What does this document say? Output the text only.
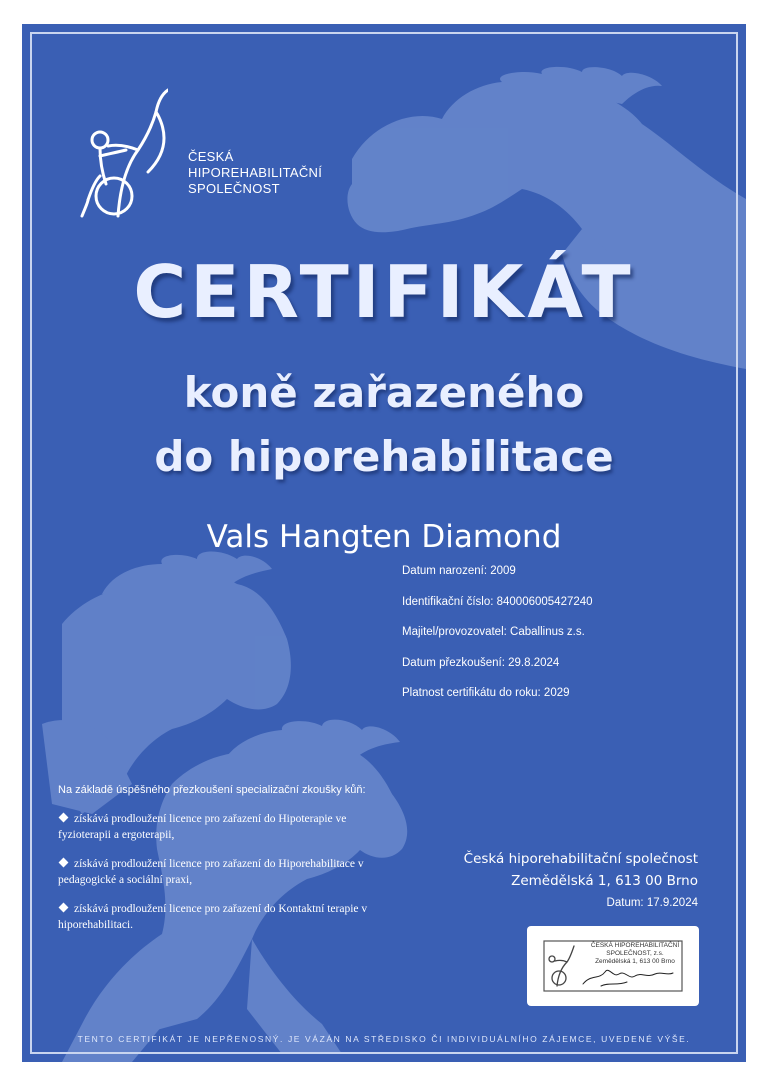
ČESKÁ
HIPOREHABILITAČNÍ
SPOLEČNOST
CERTIFIKÁT
koně zařazeného
do hiporehabilitace
Vals Hangten Diamond
Datum narození: 2009
Identifikační číslo: 840006005427240
Majitel/provozovatel: Caballinus z.s.
Datum přezkoušení: 29.8.2024
Platnost certifikátu do roku: 2029
Na základě úspěšného přezkoušení specializační zkoušky kůň:
získává prodloužení licence pro zařazení do Hipoterapie ve fyzioterapii a ergoterapii,
získává prodloužení licence pro zařazení do Hiporehabilitace v pedagogické a sociální praxi,
získává prodloužení licence pro zařazení do Kontaktní terapie v hiporehabilitaci.
Česká hiporehabilitační společnost
Zemědělská 1, 613 00 Brno
Datum: 17.9.2024
ČESKÁ HIPOREHABILITAČNÍ
SPOLEČNOST, z.s.
Zemědělská 1, 613 00 Brno
TENTO CERTIFIKÁT JE NEPŘENOSNÝ. JE VÁZÁN NA STŘEDISKO ČI INDIVIDUÁLNÍHO ZÁJEMCE, UVEDENÉ VÝŠE.
